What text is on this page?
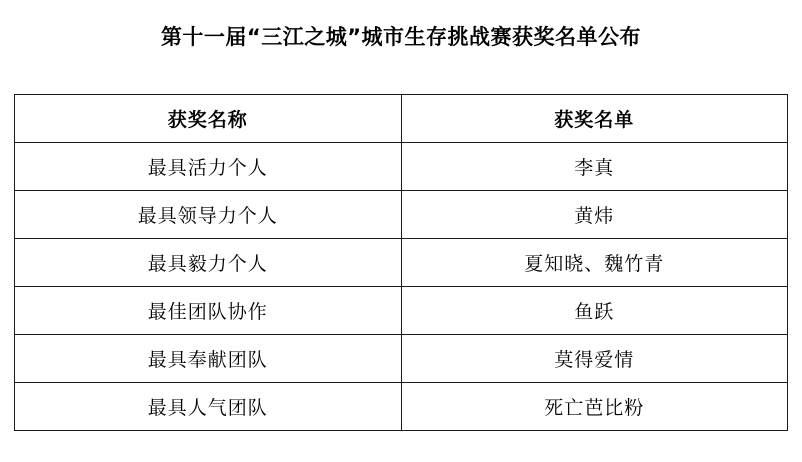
第十一届“三江之城”城市生存挑战赛获奖名单公布
获奖名称	获奖名单
最具活力个人	李真
最具领导力个人	黄炜
最具毅力个人	夏知晓、魏竹青
最佳团队协作	鱼跃
最具奉献团队	莫得爱情
最具人气团队	死亡芭比粉
